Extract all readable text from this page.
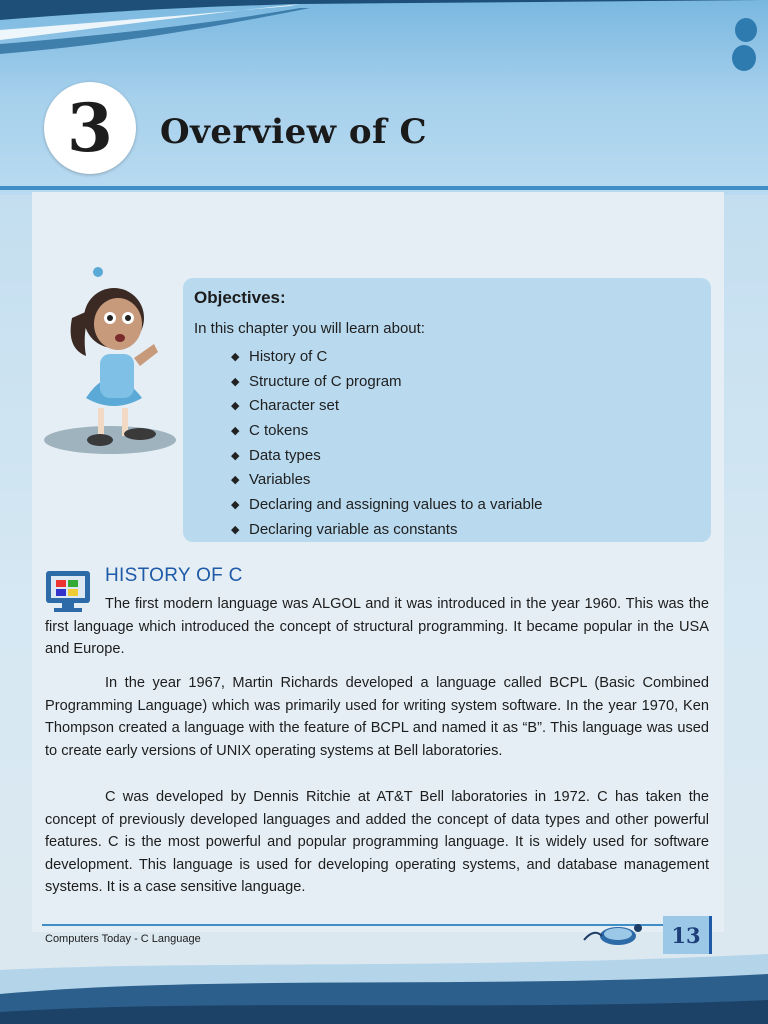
3 Overview of C
Objectives:
In this chapter you will learn about:
◆ History of C
◆ Structure of C program
◆ Character set
◆ C tokens
◆ Data types
◆ Variables
◆ Declaring and assigning values to a variable
◆ Declaring variable as constants
HISTORY OF C

The first modern language was ALGOL and it was introduced in the year 1960. This was the first language which introduced the concept of structural programming. It became popular in the USA and Europe.

In the year 1967, Martin Richards developed a language called BCPL (Basic Combined Programming Language) which was primarily used for writing system software. In the year 1970, Ken Thompson created a language with the feature of BCPL and named it as “B”. This language was used to create early versions of UNIX operating systems at Bell laboratories.

C was developed by Dennis Ritchie at AT&T Bell laboratories in 1972. C has taken the concept of previously developed languages and added the concept of data types and other powerful features. C is the most powerful and popular programming language. It is widely used for software development. This language is used for developing operating systems, and database management systems. It is a case sensitive language.

Computers Today - C Language	13
